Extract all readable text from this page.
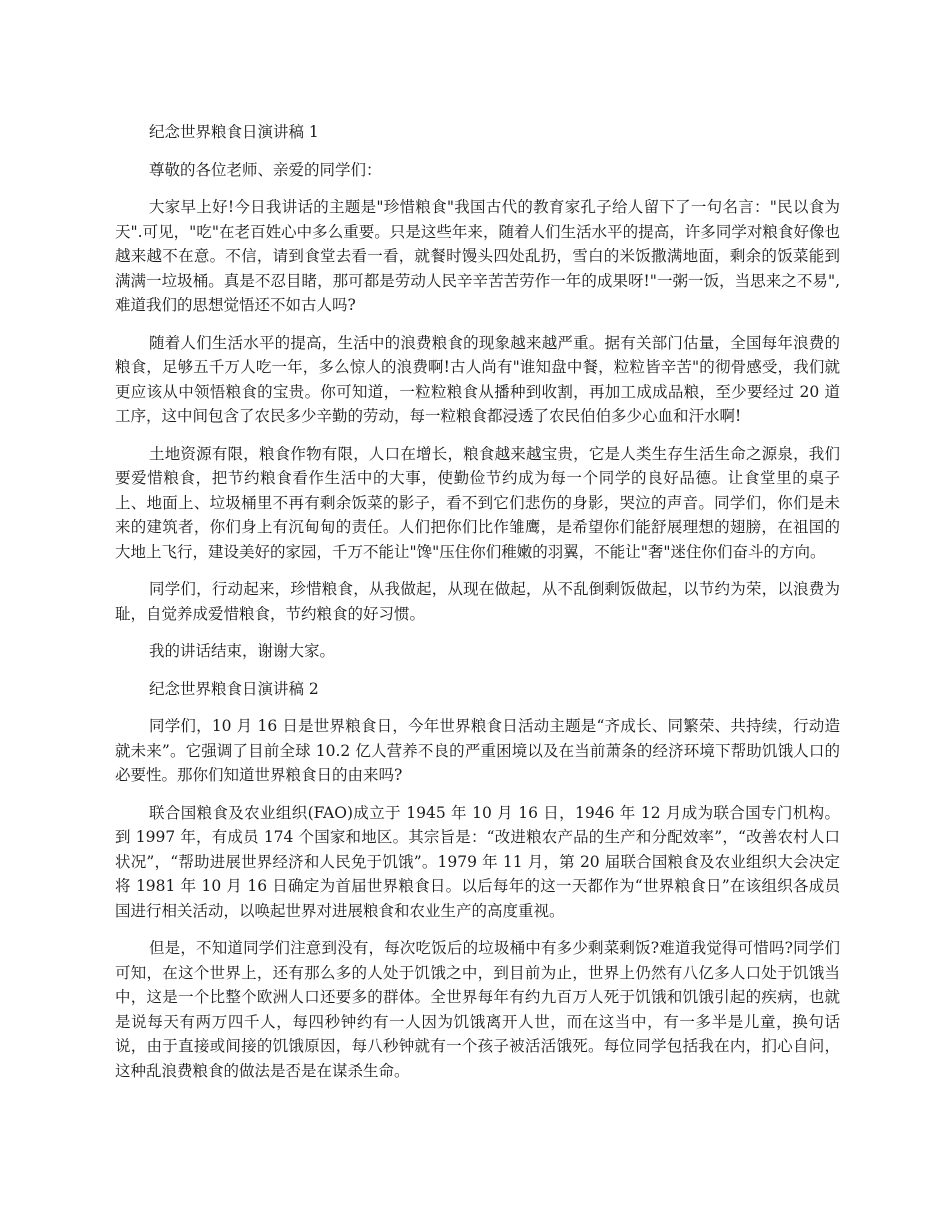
纪念世界粮食日演讲稿 1
尊敬的各位老师、亲爱的同学们：
大家早上好!今日我讲话的主题是"珍惜粮食"我国古代的教育家孔子给人留下了一句名言："民以食为天".可见，"吃"在老百姓心中多么重要。只是这些年来，随着人们生活水平的提高，许多同学对粮食好像也越来越不在意。不信，请到食堂去看一看，就餐时馒头四处乱扔，雪白的米饭撒满地面，剩余的饭菜能到满满一垃圾桶。真是不忍目睹，那可都是劳动人民辛辛苦苦劳作一年的成果呀!"一粥一饭，当思来之不易",难道我们的思想觉悟还不如古人吗?
随着人们生活水平的提高，生活中的浪费粮食的现象越来越严重。据有关部门估量，全国每年浪费的粮食，足够五千万人吃一年，多么惊人的浪费啊!古人尚有"谁知盘中餐，粒粒皆辛苦"的彻骨感受，我们就更应该从中领悟粮食的宝贵。你可知道，一粒粒粮食从播种到收割，再加工成成品粮，至少要经过 20 道工序，这中间包含了农民多少辛勤的劳动，每一粒粮食都浸透了农民伯伯多少心血和汗水啊!
土地资源有限，粮食作物有限，人口在增长，粮食越来越宝贵，它是人类生存生活生命之源泉，我们要爱惜粮食，把节约粮食看作生活中的大事，使勤俭节约成为每一个同学的良好品德。让食堂里的桌子上、地面上、垃圾桶里不再有剩余饭菜的影子，看不到它们悲伤的身影，哭泣的声音。同学们，你们是未来的建筑者，你们身上有沉甸甸的责任。人们把你们比作雏鹰，是希望你们能舒展理想的翅膀，在祖国的大地上飞行，建设美好的家园，千万不能让"馋"压住你们稚嫩的羽翼，不能让"奢"迷住你们奋斗的方向。
同学们，行动起来，珍惜粮食，从我做起，从现在做起，从不乱倒剩饭做起，以节约为荣，以浪费为耻，自觉养成爱惜粮食，节约粮食的好习惯。
我的讲话结束，谢谢大家。
纪念世界粮食日演讲稿 2
同学们，10 月 16 日是世界粮食日，今年世界粮食日活动主题是“齐成长、同繁荣、共持续，行动造就未来”。它强调了目前全球 10.2 亿人营养不良的严重困境以及在当前萧条的经济环境下帮助饥饿人口的必要性。那你们知道世界粮食日的由来吗?
联合国粮食及农业组织(FAO)成立于 1945 年 10 月 16 日，1946 年 12 月成为联合国专门机构。到 1997 年，有成员 174 个国家和地区。其宗旨是：“改进粮农产品的生产和分配效率”，“改善农村人口状况”，“帮助进展世界经济和人民免于饥饿”。1979 年 11 月，第 20 届联合国粮食及农业组织大会决定将 1981 年 10 月 16 日确定为首届世界粮食日。以后每年的这一天都作为“世界粮食日”在该组织各成员国进行相关活动，以唤起世界对进展粮食和农业生产的高度重视。
但是，不知道同学们注意到没有，每次吃饭后的垃圾桶中有多少剩菜剩饭?难道我觉得可惜吗?同学们可知，在这个世界上，还有那么多的人处于饥饿之中，到目前为止，世界上仍然有八亿多人口处于饥饿当中，这是一个比整个欧洲人口还要多的群体。全世界每年有约九百万人死于饥饿和饥饿引起的疾病，也就是说每天有两万四千人，每四秒钟约有一人因为饥饿离开人世，而在这当中，有一多半是儿童，换句话说，由于直接或间接的饥饿原因，每八秒钟就有一个孩子被活活饿死。每位同学包括我在内，扪心自问，这种乱浪费粮食的做法是否是在谋杀生命。
